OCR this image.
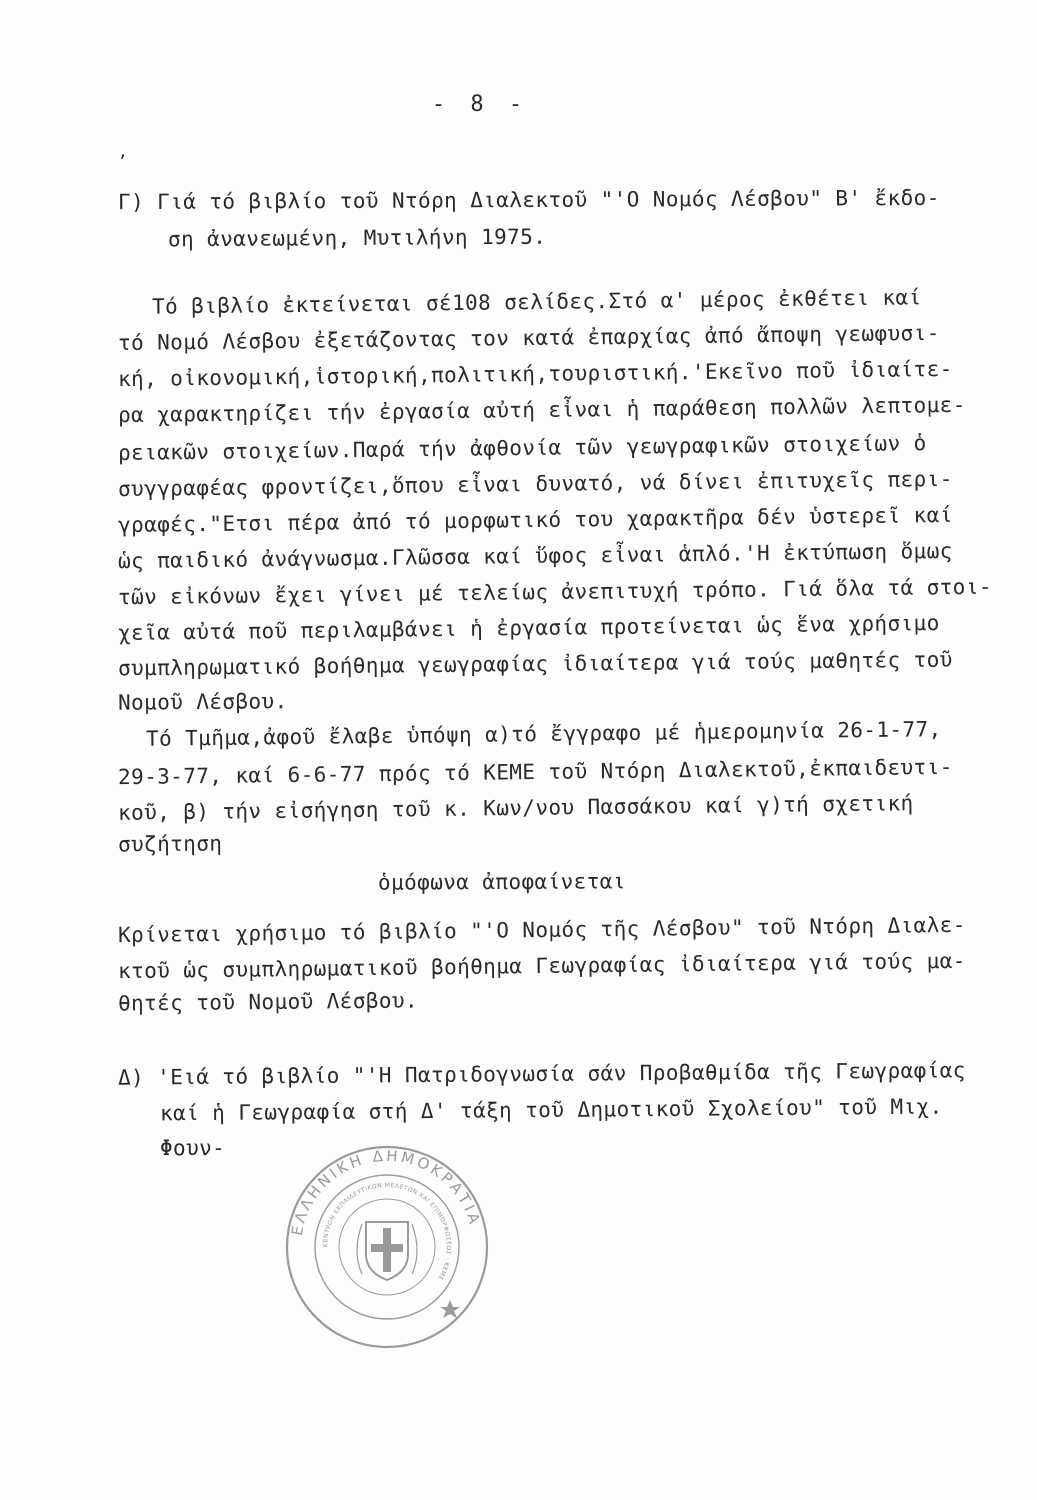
- 8 -
,
Γ) Γιά τό βιβλίο τοῦ Ντόρη Διαλεκτοῦ "'Ο Νομός Λέσβου" Β' ἔκδο-
ση ἀνανεωμένη, Μυτιλήνη 1975.
Τό βιβλίο ἐκτείνεται σέ108 σελίδες.Στό α' μέρος ἐκθέτει καί
τό Νομό Λέσβου ἐξετάζοντας τον κατά ἐπαρχίας ἀπό ἄποψη γεωφυσι-
κή, οἰκονομική,ἱστορική,πολιτική,τουριστική.'Εκεῖνο ποῦ ἰδιαίτε-
ρα χαρακτηρίζει τήν ἐργασία αὐτή εἶναι ἡ παράθεση πολλῶν λεπτομε-
ρειακῶν στοιχείων.Παρά τήν ἀφθονία τῶν γεωγραφικῶν στοιχείων ὁ
συγγραφέας φροντίζει,ὅπου εἶναι δυνατό, νά δίνει ἐπιτυχεῖς περι-
γραφές."Ετσι πέρα ἀπό τό μορφωτικό του χαρακτῆρα δέν ὑστερεῖ καί
ὡς παιδικό ἀνάγνωσμα.Γλῶσσα καί ὕφος εἶναι ἁπλό.'Η ἐκτύπωση ὅμως
τῶν εἰκόνων ἔχει γίνει μέ τελείως ἀνεπιτυχή τρόπο. Γιά ὅλα τά στοι-
χεῖα αὐτά ποῦ περιλαμβάνει ἡ ἐργασία προτείνεται ὡς ἕνα χρήσιμο
συμπληρωματικό βοήθημα γεωγραφίας ἰδιαίτερα γιά τούς μαθητές τοῦ
Νομοῦ Λέσβου.
Τό Τμῆμα,ἀφοῦ ἔλαβε ὑπόψη α)τό ἔγγραφο μέ ἡμερομηνία 26-1-77,
29-3-77, καί 6-6-77 πρός τό ΚΕΜΕ τοῦ Ντόρη Διαλεκτοῦ,ἐκπαιδευτι-
κοῦ, β) τήν εἰσήγηση τοῦ κ. Κων/νου Πασσάκου καί γ)τή σχετική
συζήτηση
ὁμόφωνα ἀποφαίνεται
Κρίνεται χρήσιμο τό βιβλίο "'Ο Νομός τῆς Λέσβου" τοῦ Ντόρη Διαλε-
κτοῦ ὡς συμπληρωματικοῦ βοήθημα Γεωγραφίας ἰδιαίτερα γιά τούς μα-
θητές τοῦ Νομοῦ Λέσβου.
Δ) 'Ειά τό βιβλίο "'Η Πατριδογνωσία σάν Προβαθμίδα τῆς Γεωγραφίας
καί ἡ Γεωγραφία στή Δ' τάξη τοῦ Δημοτικοῦ Σχολείου" τοῦ Μιχ.
Φουν-
ΕΛΛΗΝΙΚΗ ΔΗΜΟΚΡΑΤΙΑ
ΚΕΝΤΡΟΝ ΕΚΠΑΙΔΕΥΤΙΚΩΝ ΜΕΛΕΤΩΝ ΚΑΙ ΕΠΙΜΟΡΦΩΣΕΩΣ · ΚΕΜΕ
